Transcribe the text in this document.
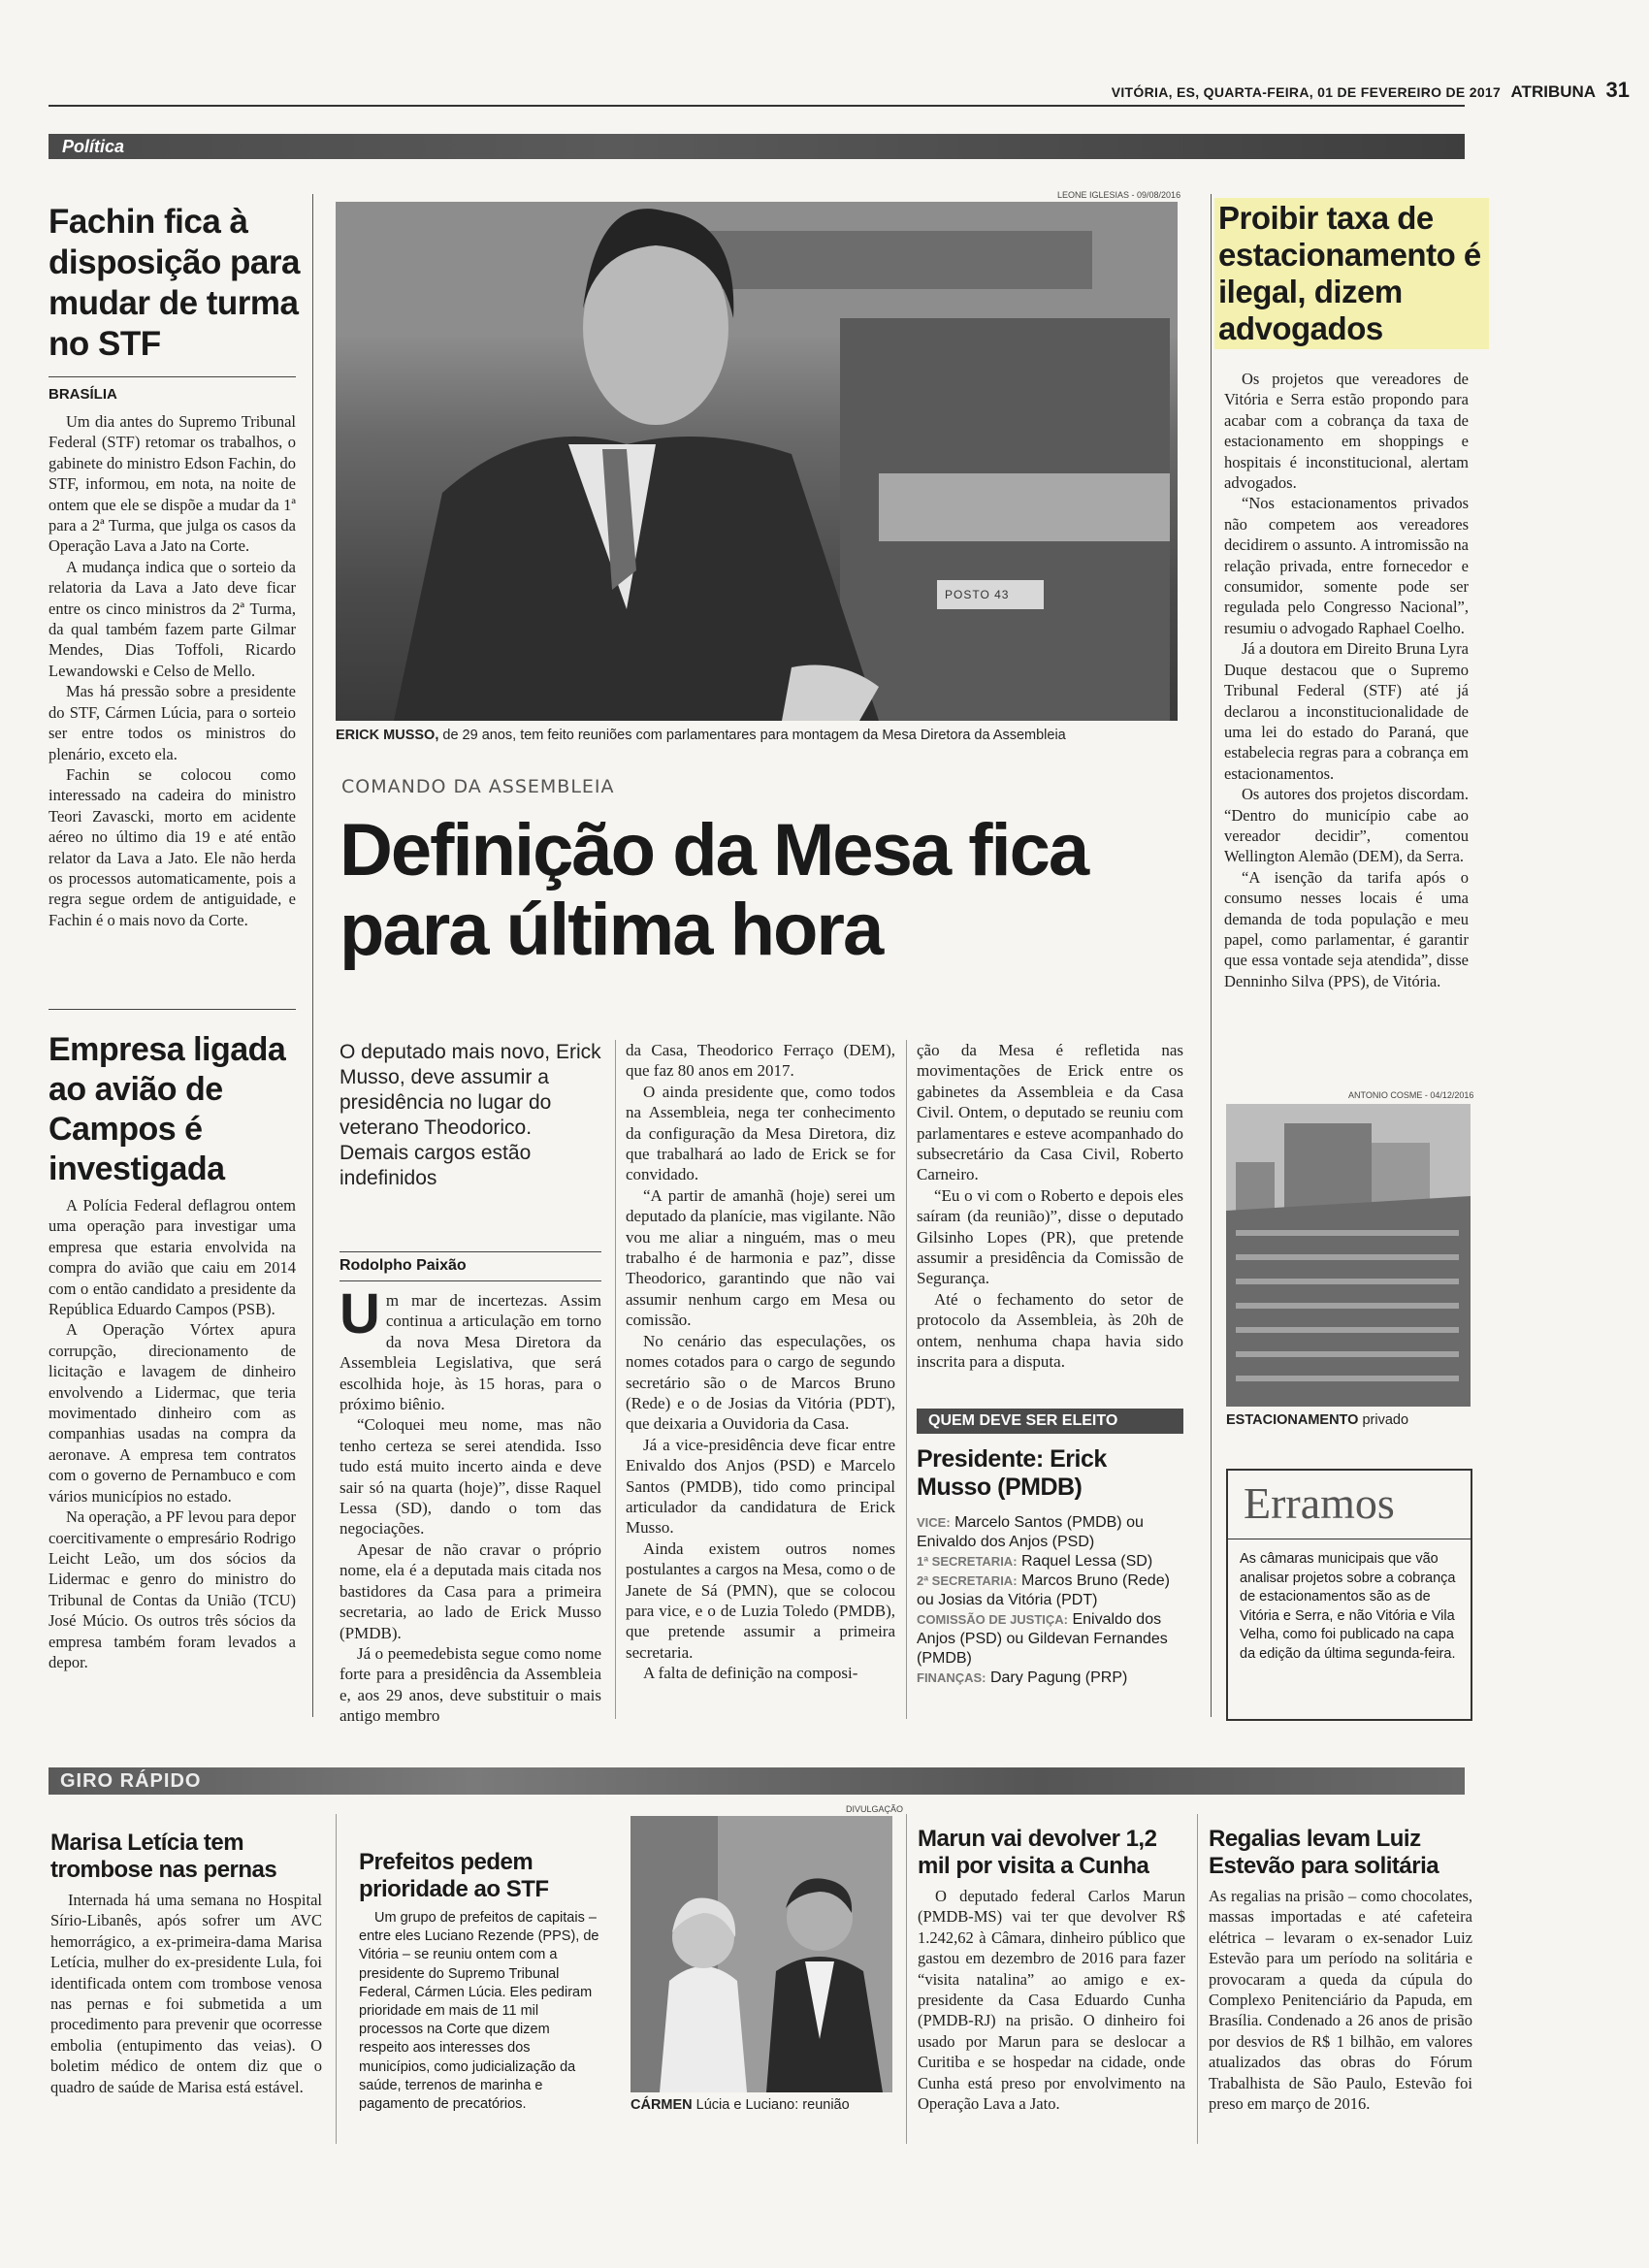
VITÓRIA, ES, QUARTA-FEIRA, 01 DE FEVEREIRO DE 2017 ATRIBUNA 31
Política
Fachin fica à disposição para mudar de turma no STF
BRASÍLIA

Um dia antes do Supremo Tribunal Federal (STF) retomar os trabalhos, o gabinete do ministro Edson Fachin, do STF, informou, em nota, na noite de ontem que ele se dispõe a mudar da 1ª para a 2ª Turma, que julga os casos da Operação Lava a Jato na Corte.

A mudança indica que o sorteio da relatoria da Lava a Jato deve ficar entre os cinco ministros da 2ª Turma, da qual também fazem parte Gilmar Mendes, Dias Toffoli, Ricardo Lewandowski e Celso de Mello.

Mas há pressão sobre a presidente do STF, Cármen Lúcia, para o sorteio ser entre todos os ministros do plenário, exceto ela.

Fachin se colocou como interessado na cadeira do ministro Teori Zavascki, morto em acidente aéreo no último dia 19 e até então relator da Lava a Jato. Ele não herda os processos automaticamente, pois a regra segue ordem de antiguidade, e Fachin é o mais novo da Corte.

Empresa ligada ao avião de Campos é investigada

A Polícia Federal deflagrou ontem uma operação para investigar uma empresa que estaria envolvida na compra do avião que caiu em 2014 com o então candidato a presidente da República Eduardo Campos (PSB).

A Operação Vórtex apura corrupção, direcionamento de licitação e lavagem de dinheiro envolvendo a Lidermac, que teria movimentado dinheiro com as companhias usadas na compra da aeronave. A empresa tem contratos com o governo de Pernambuco e com vários municípios no estado.

Na operação, a PF levou para depor coercitivamente o empresário Rodrigo Leicht Leão, um dos sócios da Lidermac e genro do ministro do Tribunal de Contas da União (TCU) José Múcio. Os outros três sócios da empresa também foram levados a depor.

LEONE IGLESIAS - 09/08/2016
POSTO 43
ERICK MUSSO, de 29 anos, tem feito reuniões com parlamentares para montagem da Mesa Diretora da Assembleia
COMANDO DA ASSEMBLEIA
Definição da Mesa fica para última hora
O deputado mais novo, Erick Musso, deve assumir a presidência no lugar do veterano Theodorico. Demais cargos estão indefinidos
Rodolpho Paixão
U m mar de incertezas. Assim continua a articulação em torno da nova Mesa Diretora da Assembleia Legislativa, que será escolhida hoje, às 15 horas, para o próximo biênio.

“Coloquei meu nome, mas não tenho certeza se serei atendida. Isso tudo está muito incerto ainda e deve sair só na quarta (hoje)”, disse Raquel Lessa (SD), dando o tom das negociações.

Apesar de não cravar o próprio nome, ela é a deputada mais citada nos bastidores da Casa para a primeira secretaria, ao lado de Erick Musso (PMDB).

Já o peemedebista segue como nome forte para a presidência da Assembleia e, aos 29 anos, deve substituir o mais antigo membro

da Casa, Theodorico Ferraço (DEM), que faz 80 anos em 2017.

O ainda presidente que, como todos na Assembleia, nega ter conhecimento da configuração da Mesa Diretora, diz que trabalhará ao lado de Erick se for convidado.

“A partir de amanhã (hoje) serei um deputado da planície, mas vigilante. Não vou me aliar a ninguém, mas o meu trabalho é de harmonia e paz”, disse Theodorico, garantindo que não vai assumir nenhum cargo em Mesa ou comissão.

No cenário das especulações, os nomes cotados para o cargo de segundo secretário são o de Marcos Bruno (Rede) e o de Josias da Vitória (PDT), que deixaria a Ouvidoria da Casa.

Já a vice-presidência deve ficar entre Enivaldo dos Anjos (PSD) e Marcelo Santos (PMDB), tido como principal articulador da candidatura de Erick Musso.

Ainda existem outros nomes postulantes a cargos na Mesa, como o de Janete de Sá (PMN), que se colocou para vice, e o de Luzia Toledo (PMDB), que pretende assumir a primeira secretaria.

A falta de definição na composi-

ção da Mesa é refletida nas movimentações de Erick entre os gabinetes da Assembleia e da Casa Civil. Ontem, o deputado se reuniu com parlamentares e esteve acompanhado do subsecretário da Casa Civil, Roberto Carneiro.

“Eu o vi com o Roberto e depois eles saíram (da reunião)”, disse o deputado Gilsinho Lopes (PR), que pretende assumir a presidência da Comissão de Segurança.

Até o fechamento do setor de protocolo da Assembleia, às 20h de ontem, nenhuma chapa havia sido inscrita para a disputa.

QUEM DEVE SER ELEITO
Presidente: Erick Musso (PMDB)
VICE: Marcelo Santos (PMDB) ou Enivaldo dos Anjos (PSD)
1ª SECRETARIA: Raquel Lessa (SD)
2ª SECRETARIA: Marcos Bruno (Rede) ou Josias da Vitória (PDT)
COMISSÃO DE JUSTIÇA: Enivaldo dos Anjos (PSD) ou Gildevan Fernandes (PMDB)
FINANÇAS: Dary Pagung (PRP)
Proibir taxa de estacionamento é ilegal, dizem advogados

Os projetos que vereadores de Vitória e Serra estão propondo para acabar com a cobrança da taxa de estacionamento em shoppings e hospitais é inconstitucional, alertam advogados.

“Nos estacionamentos privados não competem aos vereadores decidirem o assunto. A intromissão na relação privada, entre fornecedor e consumidor, somente pode ser regulada pelo Congresso Nacional”, resumiu o advogado Raphael Coelho.

Já a doutora em Direito Bruna Lyra Duque destacou que o Supremo Tribunal Federal (STF) até já declarou a inconstitucionalidade de uma lei do estado do Paraná, que estabelecia regras para a cobrança em estacionamentos.

Os autores dos projetos discordam. “Dentro do município cabe ao vereador decidir”, comentou Wellington Alemão (DEM), da Serra.

“A isenção da tarifa após o consumo nesses locais é uma demanda de toda população e meu papel, como parlamentar, é garantir que essa vontade seja atendida”, disse Denninho Silva (PPS), de Vitória.

ANTONIO COSME - 04/12/2016
ESTACIONAMENTO privado
Erramos
As câmaras municipais que vão analisar projetos sobre a cobrança de estacionamentos são as de Vitória e Serra, e não Vitória e Vila Velha, como foi publicado na capa da edição da última segunda-feira.
GIRO RÁPIDO
Marisa Letícia tem trombose nas pernas

Internada há uma semana no Hospital Sírio-Libanês, após sofrer um AVC hemorrágico, a ex-primeira-dama Marisa Letícia, mulher do ex-presidente Lula, foi identificada ontem com trombose venosa nas pernas e foi submetida a um procedimento para prevenir que ocorresse embolia (entupimento das veias). O boletim médico de ontem diz que o quadro de saúde de Marisa está estável.

Prefeitos pedem prioridade ao STF
Um grupo de prefeitos de capitais – entre eles Luciano Rezende (PPS), de Vitória – se reuniu ontem com a presidente do Supremo Tribunal Federal, Cármen Lúcia. Eles pediram prioridade em mais de 11 mil processos na Corte que dizem respeito aos interesses dos municípios, como judicialização da saúde, terrenos de marinha e pagamento de precatórios.
DIVULGAÇÃO
CÁRMEN Lúcia e Luciano: reunião
Marun vai devolver 1,2 mil por visita a Cunha

O deputado federal Carlos Marun (PMDB-MS) vai ter que devolver R$ 1.242,62 à Câmara, dinheiro público que gastou em dezembro de 2016 para fazer “visita natalina” ao amigo e ex-presidente da Casa Eduardo Cunha (PMDB-RJ) na prisão. O dinheiro foi usado por Marun para se deslocar a Curitiba e se hospedar na cidade, onde Cunha está preso por envolvimento na Operação Lava a Jato.

Regalias levam Luiz Estevão para solitária

As regalias na prisão – como chocolates, massas importadas e até cafeteira elétrica – levaram o ex-senador Luiz Estevão para um período na solitária e provocaram a queda da cúpula do Complexo Penitenciário da Papuda, em Brasília. Condenado a 26 anos de prisão por desvios de R$ 1 bilhão, em valores atualizados das obras do Fórum Trabalhista de São Paulo, Estevão foi preso em março de 2016.
